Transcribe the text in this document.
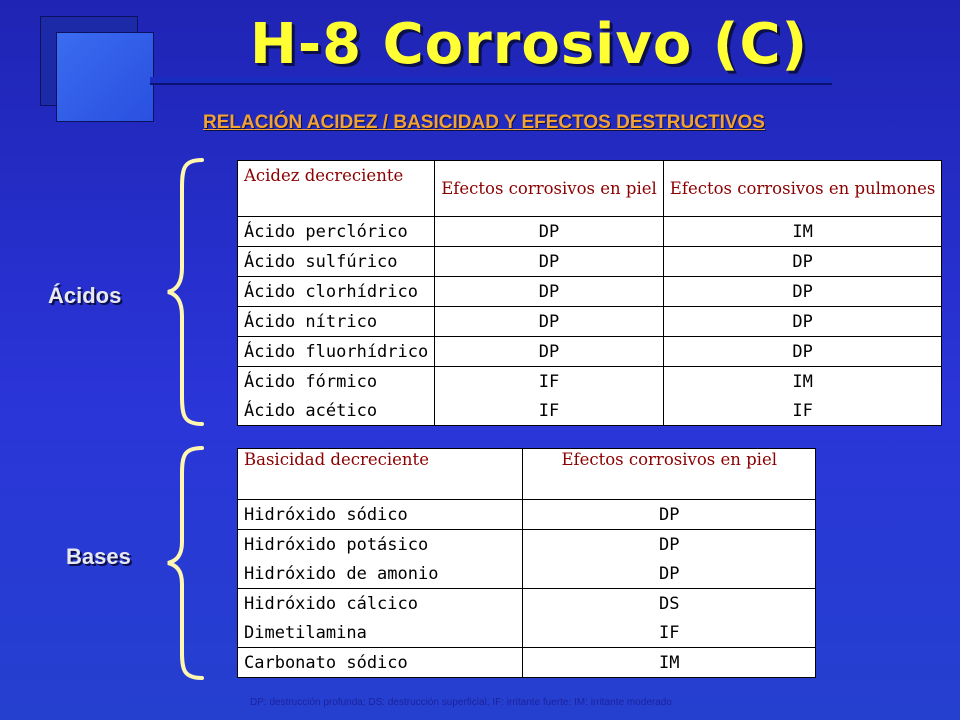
H-8 Corrosivo (C)
RELACIÓN ACIDEZ / BASICIDAD Y EFECTOS DESTRUCTIVOS
Ácidos
Bases
Acidez decreciente	Efectos corrosivos en piel	Efectos corrosivos en pulmones
Ácido perclórico	DP	IM
Ácido sulfúrico	DP	DP
Ácido clorhídrico	DP	DP
Ácido nítrico	DP	DP
Ácido fluorhídrico	DP	DP
Ácido fórmico	IF	IM
Ácido acético	IF	IF
Basicidad decreciente	Efectos corrosivos en piel
Hidróxido sódico	DP
Hidróxido potásico	DP
Hidróxido de amonio	DP
Hidróxido cálcico	DS
Dimetilamina	IF
Carbonato sódico	IM
DP: destrucción profunda; DS: destrucción superficial; IF: irritante fuerte; IM: irritante moderado
